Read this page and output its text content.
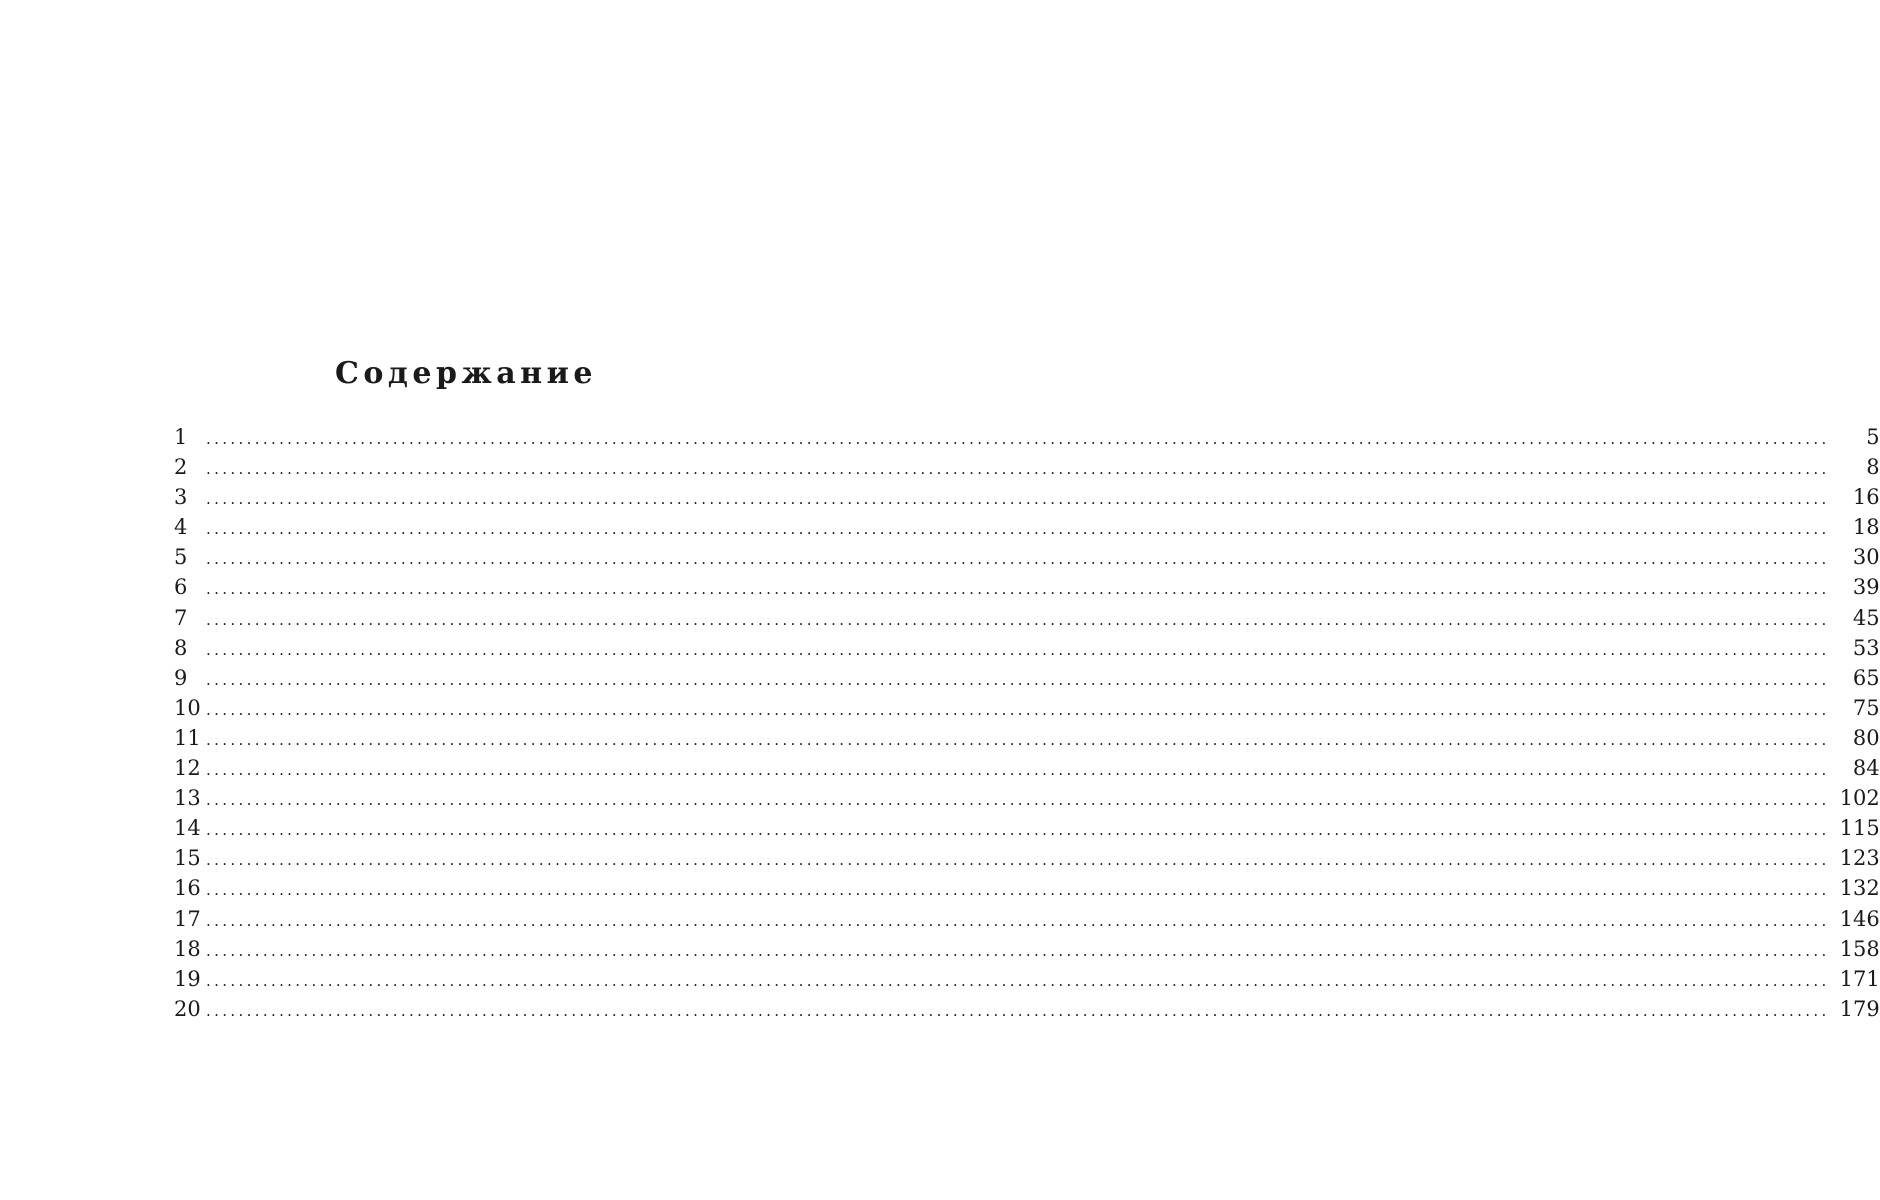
Содержание
1	........................................................................................................................................................................................................	5
2	........................................................................................................................................................................................................	8
3	........................................................................................................................................................................................................	16
4	........................................................................................................................................................................................................	18
5	........................................................................................................................................................................................................	30
6	........................................................................................................................................................................................................	39
7	........................................................................................................................................................................................................	45
8	........................................................................................................................................................................................................	53
9	........................................................................................................................................................................................................	65
10 ........................................................................................................................................................................................................	75
11 ........................................................................................................................................................................................................	80
12 ........................................................................................................................................................................................................	84
13 ........................................................................................................................................................................................................ 102
14 ........................................................................................................................................................................................................ 115
15 ........................................................................................................................................................................................................ 123
16 ........................................................................................................................................................................................................ 132
17 ........................................................................................................................................................................................................ 146
18 ........................................................................................................................................................................................................ 158
19 ........................................................................................................................................................................................................ 171
20 ........................................................................................................................................................................................................ 179
